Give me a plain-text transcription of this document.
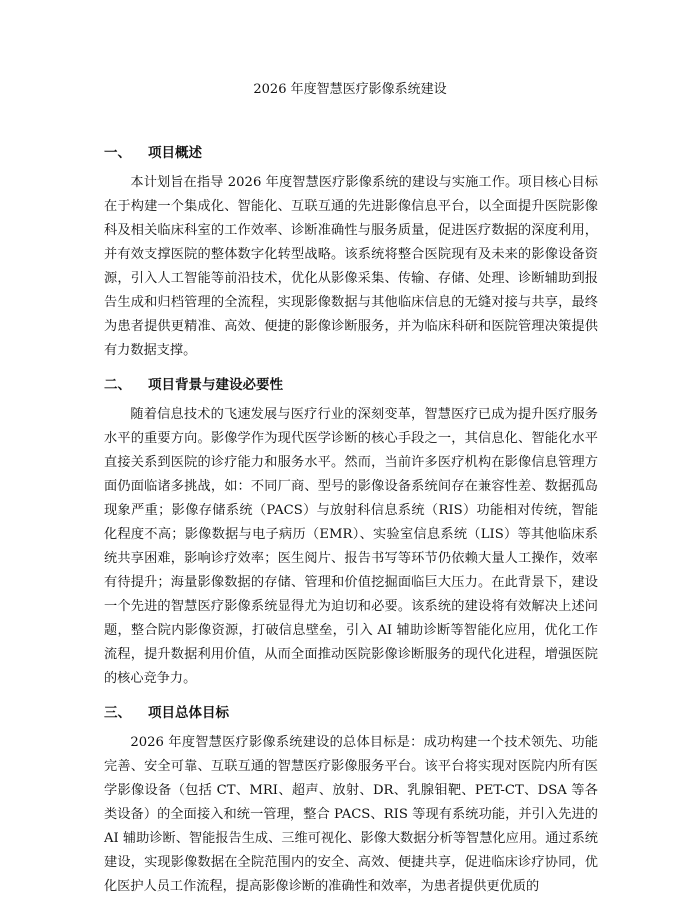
2026 年度智慧医疗影像系统建设
一、	项目概述

本计划旨在指导 2026 年度智慧医疗影像系统的建设与实施工作。项目核心目标在于构建一个集成化、智能化、互联互通的先进影像信息平台，以全面提升医院影像科及相关临床科室的工作效率、诊断准确性与服务质量，促进医疗数据的深度利用，并有效支撑医院的整体数字化转型战略。该系统将整合医院现有及未来的影像设备资源，引入人工智能等前沿技术，优化从影像采集、传输、存储、处理、诊断辅助到报告生成和归档管理的全流程，实现影像数据与其他临床信息的无缝对接与共享，最终为患者提供更精准、高效、便捷的影像诊断服务，并为临床科研和医院管理决策提供有力数据支撑。

二、	项目背景与建设必要性

随着信息技术的飞速发展与医疗行业的深刻变革，智慧医疗已成为提升医疗服务水平的重要方向。影像学作为现代医学诊断的核心手段之一，其信息化、智能化水平直接关系到医院的诊疗能力和服务水平。然而，当前许多医疗机构在影像信息管理方面仍面临诸多挑战，如：不同厂商、型号的影像设备系统间存在兼容性差、数据孤岛现象严重；影像存储系统（PACS）与放射科信息系统（RIS）功能相对传统，智能化程度不高；影像数据与电子病历（EMR）、实验室信息系统（LIS）等其他临床系统共享困难，影响诊疗效率；医生阅片、报告书写等环节仍依赖大量人工操作，效率有待提升；海量影像数据的存储、管理和价值挖掘面临巨大压力。在此背景下，建设一个先进的智慧医疗影像系统显得尤为迫切和必要。该系统的建设将有效解决上述问题，整合院内影像资源，打破信息壁垒，引入 AI 辅助诊断等智能化应用，优化工作流程，提升数据利用价值，从而全面推动医院影像诊断服务的现代化进程，增强医院的核心竞争力。

三、	项目总体目标

2026 年度智慧医疗影像系统建设的总体目标是：成功构建一个技术领先、功能完善、安全可靠、互联互通的智慧医疗影像服务平台。该平台将实现对医院内所有医学影像设备（包括 CT、MRI、超声、放射、DR、乳腺钼靶、PET-CT、DSA 等各类设备）的全面接入和统一管理，整合 PACS、RIS 等现有系统功能，并引入先进的 AI 辅助诊断、智能报告生成、三维可视化、影像大数据分析等智慧化应用。通过系统建设，实现影像数据在全院范围内的安全、高效、便捷共享，促进临床诊疗协同，优化医护人员工作流程，提高影像诊断的准确性和效率，为患者提供更优质的
